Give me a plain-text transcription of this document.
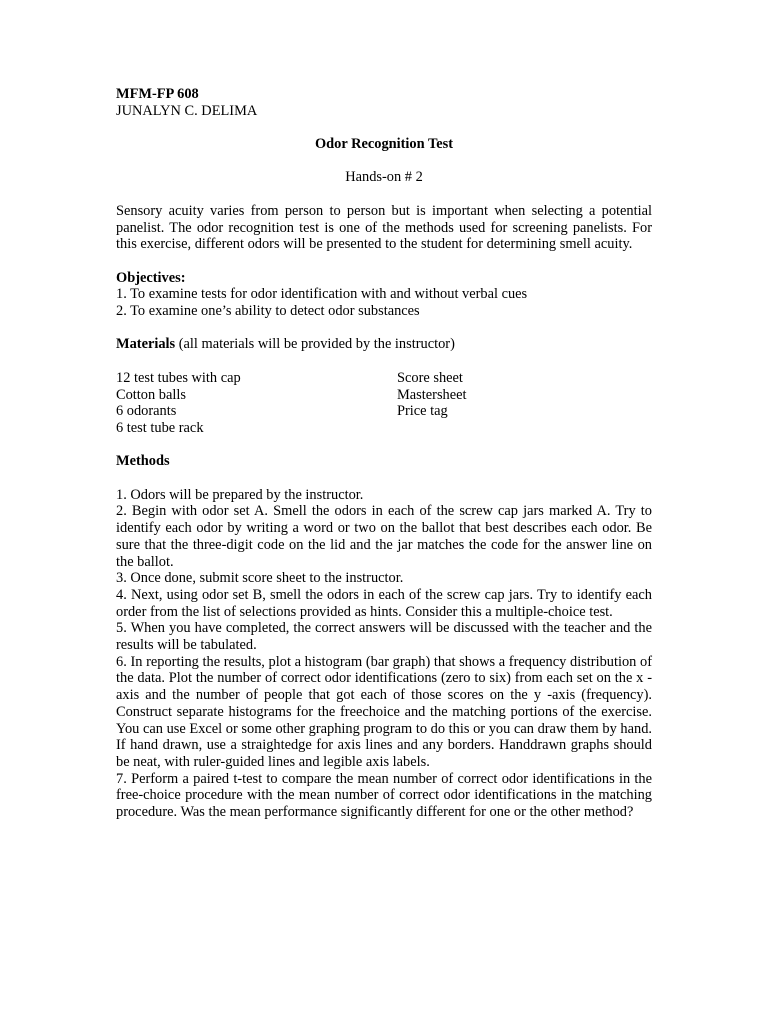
MFM-FP 608
JUNALYN C. DELIMA
Odor Recognition Test
Hands-on # 2

Sensory acuity varies from person to person but is important when selecting a potential panelist. The odor recognition test is one of the methods used for screening panelists. For this exercise, different odors will be presented to the student for determining smell acuity.

Objectives:
1. To examine tests for odor identification with and without verbal cues
2. To examine one’s ability to detect odor substances
Materials (all materials will be provided by the instructor)
12 test tubes with cap	Score sheet
Cotton balls	Mastersheet
6 odorants	Price tag
6 test tube rack
Methods

1. Odors will be prepared by the instructor.

2. Begin with odor set A. Smell the odors in each of the screw cap jars marked A. Try to identify each odor by writing a word or two on the ballot that best describes each odor. Be sure that the three-digit code on the lid and the jar matches the code for the answer line on the ballot.

3. Once done, submit score sheet to the instructor.

4. Next, using odor set B, smell the odors in each of the screw cap jars. Try to identify each order from the list of selections provided as hints. Consider this a multiple-choice test.

5. When you have completed, the correct answers will be discussed with the teacher and the results will be tabulated.

6. In reporting the results, plot a histogram (bar graph) that shows a frequency distribution of the data. Plot the number of correct odor identifications (zero to six) from each set on the x -axis and the number of people that got each of those scores on the y -axis (frequency). Construct separate histograms for the freechoice and the matching portions of the exercise. You can use Excel or some other graphing program to do this or you can draw them by hand. If hand drawn, use a straightedge for axis lines and any borders. Handdrawn graphs should be neat, with ruler-guided lines and legible axis labels.

7. Perform a paired t-test to compare the mean number of correct odor identifications in the free-choice procedure with the mean number of correct odor identifications in the matching procedure. Was the mean performance significantly different for one or the other method?
